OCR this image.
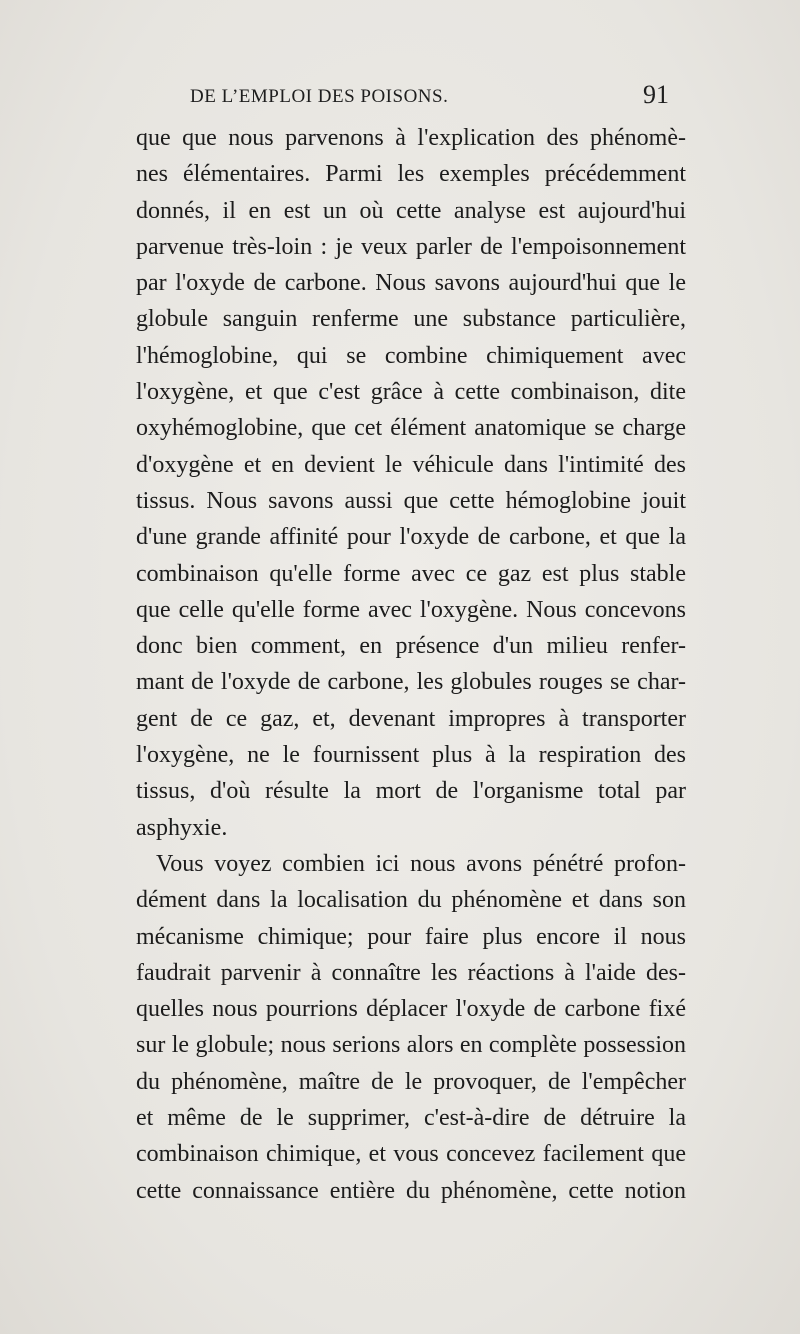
DE L’EMPLOI DES POISONS.	91
que que nous parvenons à l'explication des phénomè-
nes élémentaires. Parmi les exemples précédemment
donnés, il en est un où cette analyse est aujourd'hui
parvenue très-loin : je veux parler de l'empoisonnement
par l'oxyde de carbone. Nous savons aujourd'hui que le
globule sanguin renferme une substance particulière,
l'hémoglobine, qui se combine chimiquement avec
l'oxygène, et que c'est grâce à cette combinaison, dite
oxyhémoglobine, que cet élément anatomique se charge
d'oxygène et en devient le véhicule dans l'intimité des
tissus. Nous savons aussi que cette hémoglobine jouit
d'une grande affinité pour l'oxyde de carbone, et que la
combinaison qu'elle forme avec ce gaz est plus stable
que celle qu'elle forme avec l'oxygène. Nous concevons
donc bien comment, en présence d'un milieu renfer-
mant de l'oxyde de carbone, les globules rouges se char-
gent de ce gaz, et, devenant impropres à transporter
l'oxygène, ne le fournissent plus à la respiration des
tissus, d'où résulte la mort de l'organisme total par
asphyxie.
Vous voyez combien ici nous avons pénétré profon-
dément dans la localisation du phénomène et dans son
mécanisme chimique; pour faire plus encore il nous
faudrait parvenir à connaître les réactions à l'aide des-
quelles nous pourrions déplacer l'oxyde de carbone fixé
sur le globule; nous serions alors en complète possession
du phénomène, maître de le provoquer, de l'empêcher
et même de le supprimer, c'est-à-dire de détruire la
combinaison chimique, et vous concevez facilement que
cette connaissance entière du phénomène, cette notion
